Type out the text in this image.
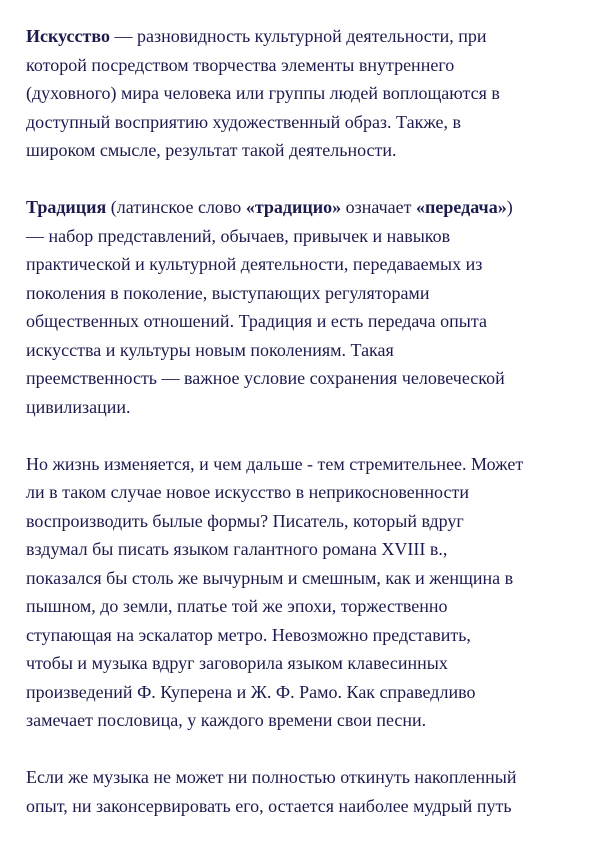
Искусство — разновидность культурной деятельности, при
которой посредством творчества элементы внутреннего
(духовного) мира человека или группы людей воплощаются в
доступный восприятию художественный образ. Также, в
широком смысле, результат такой деятельности.
Традиция (латинское слово «традицио» означает «передача»)
— набор представлений, обычаев, привычек и навыков
практической и культурной деятельности, передаваемых из
поколения в поколение, выступающих регуляторами
общественных отношений. Традиция и есть передача опыта
искусства и культуры новым поколениям. Такая
преемственность — важное условие сохранения человеческой
цивилизации.
Но жизнь изменяется, и чем дальше - тем стремительнее. Может
ли в таком случае новое искусство в неприкосновенности
воспроизводить былые формы? Писатель, который вдруг
вздумал бы писать языком галантного романа XVIII в.,
показался бы столь же вычурным и смешным, как и женщина в
пышном, до земли, платье той же эпохи, торжественно
ступающая на эскалатор метро. Невозможно представить,
чтобы и музыка вдруг заговорила языком клавесинных
произведений Ф. Куперена и Ж. Ф. Рамо. Как справедливо
замечает пословица, у каждого времени свои песни.
Если же музыка не может ни полностью откинуть накопленный
опыт, ни законсервировать его, остается наиболее мудрый путь
